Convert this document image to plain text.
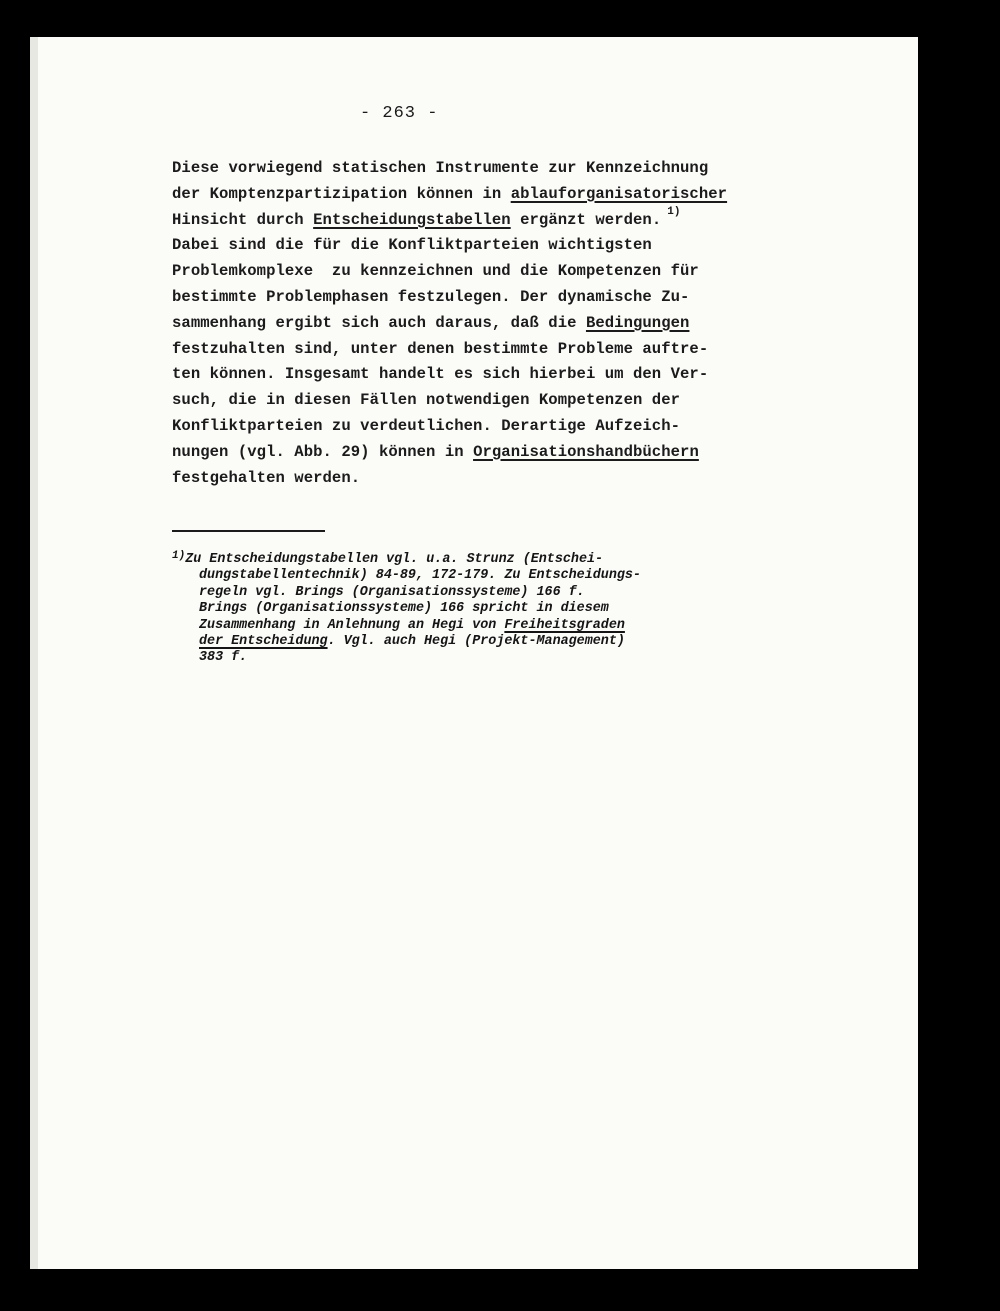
- 263 -
Diese vorwiegend statischen Instrumente zur Kennzeichnung
der Komptenzpartizipation können in ablauforganisatorischer
Hinsicht durch Entscheidungstabellen ergänzt werden. $^{1)}$
Dabei sind die für die Konfliktparteien wichtigsten
Problemkomplexe  zu kennzeichnen und die Kompetenzen für
bestimmte Problemphasen festzulegen. Der dynamische Zu-
sammenhang ergibt sich auch daraus, daß die Bedingungen
festzuhalten sind, unter denen bestimmte Probleme auftre-
ten können. Insgesamt handelt es sich hierbei um den Ver-
such, die in diesen Fällen notwendigen Kompetenzen der
Konfliktparteien zu verdeutlichen. Derartige Aufzeich-
nungen (vgl. Abb. 29) können in Organisationshandbüchern
festgehalten werden.
$^{1)}$Zu Entscheidungstabellen vgl. u.a. Strunz (Entschei-
dungstabellentechnik) 84-89, 172-179. Zu Entscheidungs-
regeln vgl. Brings (Organisationssysteme) 166 f.
Brings (Organisationssysteme) 166 spricht in diesem
Zusammenhang in Anlehnung an Hegi von Freiheitsgraden
der Entscheidung. Vgl. auch Hegi (Projekt-Management)
383 f.
